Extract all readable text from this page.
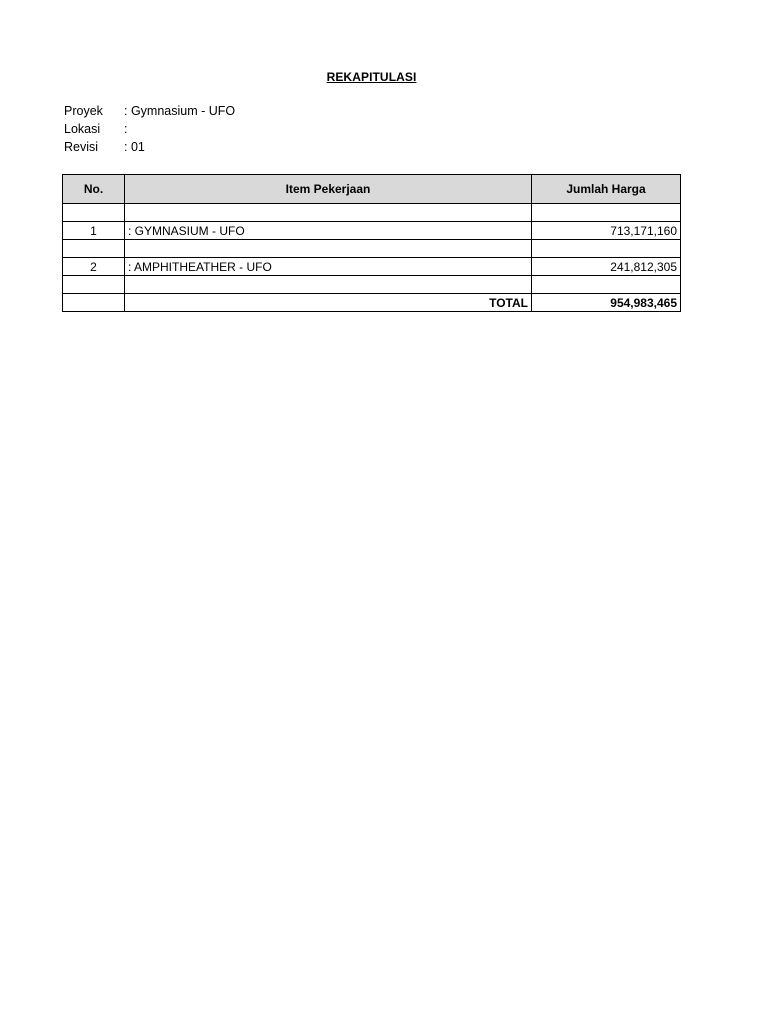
REKAPITULASI
Proyek	: Gymnasium - UFO
Lokasi	:
Revisi	: 01
No.	Item Pekerjaan	Jumlah Harga

1	: GYMNASIUM - UFO	713,171,160

2	: AMPHITHEATHER - UFO	241,812,305

	TOTAL	954,983,465
